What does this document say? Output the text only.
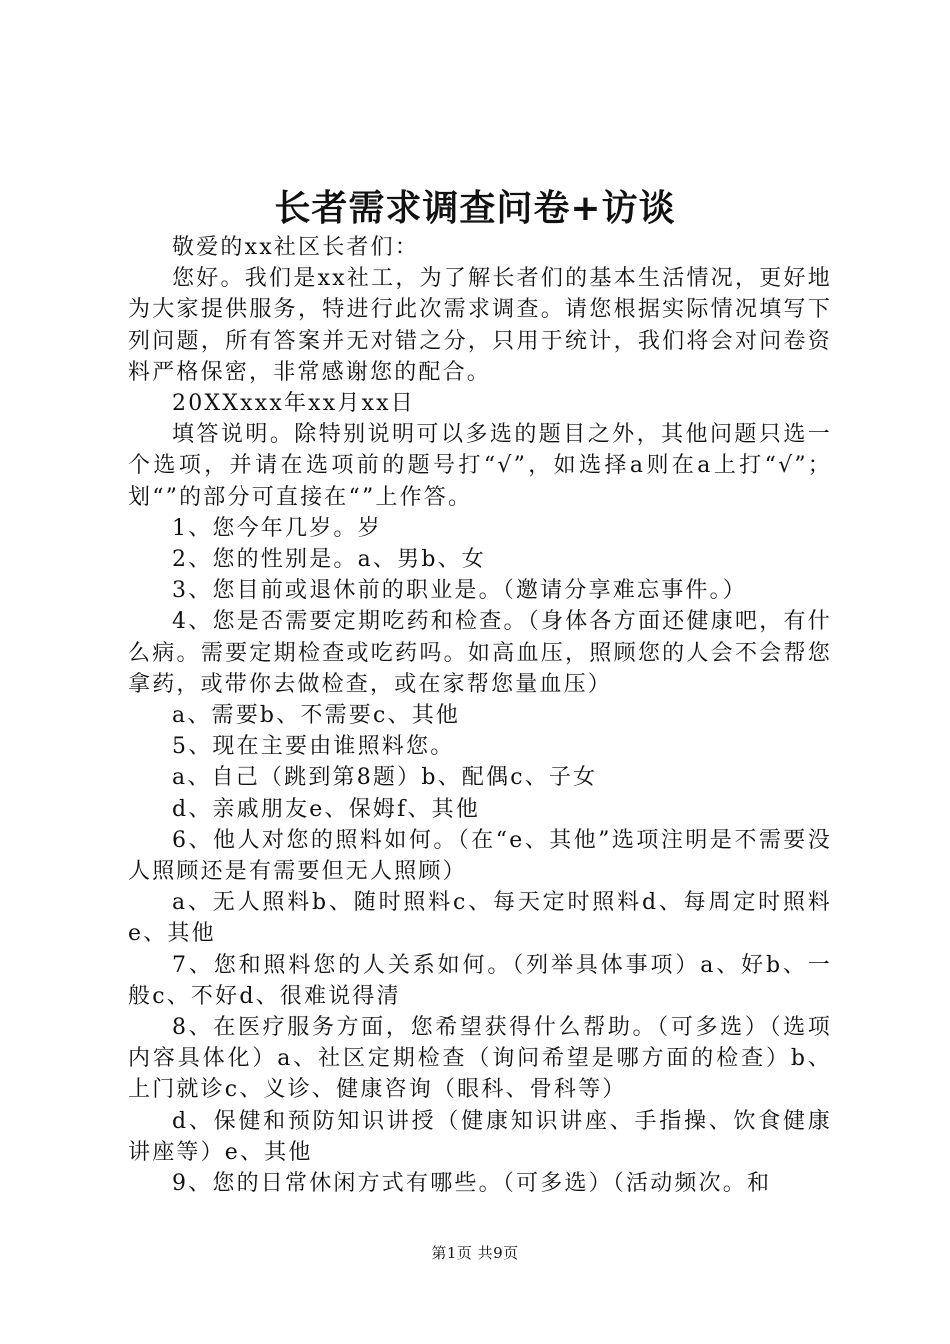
长者需求调查问卷+访谈

敬爱的xx社区长者们：

您好。我们是xx社工，为了解长者们的基本生活情况，更好地为大家提供服务，特进行此次需求调查。请您根据实际情况填写下列问题，所有答案并无对错之分，只用于统计，我们将会对问卷资料严格保密，非常感谢您的配合。

20XXxxx年xx月xx日

填答说明。除特别说明可以多选的题目之外，其他问题只选一个选项，并请在选项前的题号打“√”，如选择a则在a上打“√”；划“”的部分可直接在“”上作答。

1、您今年几岁。岁

2、您的性别是。a、男b、女

3、您目前或退休前的职业是。（邀请分享难忘事件。）

4、您是否需要定期吃药和检查。（身体各方面还健康吧，有什么病。需要定期检查或吃药吗。如高血压，照顾您的人会不会帮您拿药，或带你去做检查，或在家帮您量血压）

a、需要b、不需要c、其他

5、现在主要由谁照料您。

a、自己（跳到第8题）b、配偶c、子女

d、亲戚朋友e、保姆f、其他

6、他人对您的照料如何。（在“e、其他”选项注明是不需要没人照顾还是有需要但无人照顾）

a、无人照料b、随时照料c、每天定时照料d、每周定时照料e、其他

7、您和照料您的人关系如何。（列举具体事项）a、好b、一般c、不好d、很难说得清

8、在医疗服务方面，您希望获得什么帮助。（可多选）（选项内容具体化）a、社区定期检查（询问希望是哪方面的检查）b、上门就诊c、义诊、健康咨询（眼科、骨科等）

d、保健和预防知识讲授（健康知识讲座、手指操、饮食健康讲座等）e、其他

9、您的日常休闲方式有哪些。（可多选）（活动频次。和

第1页 共9页
